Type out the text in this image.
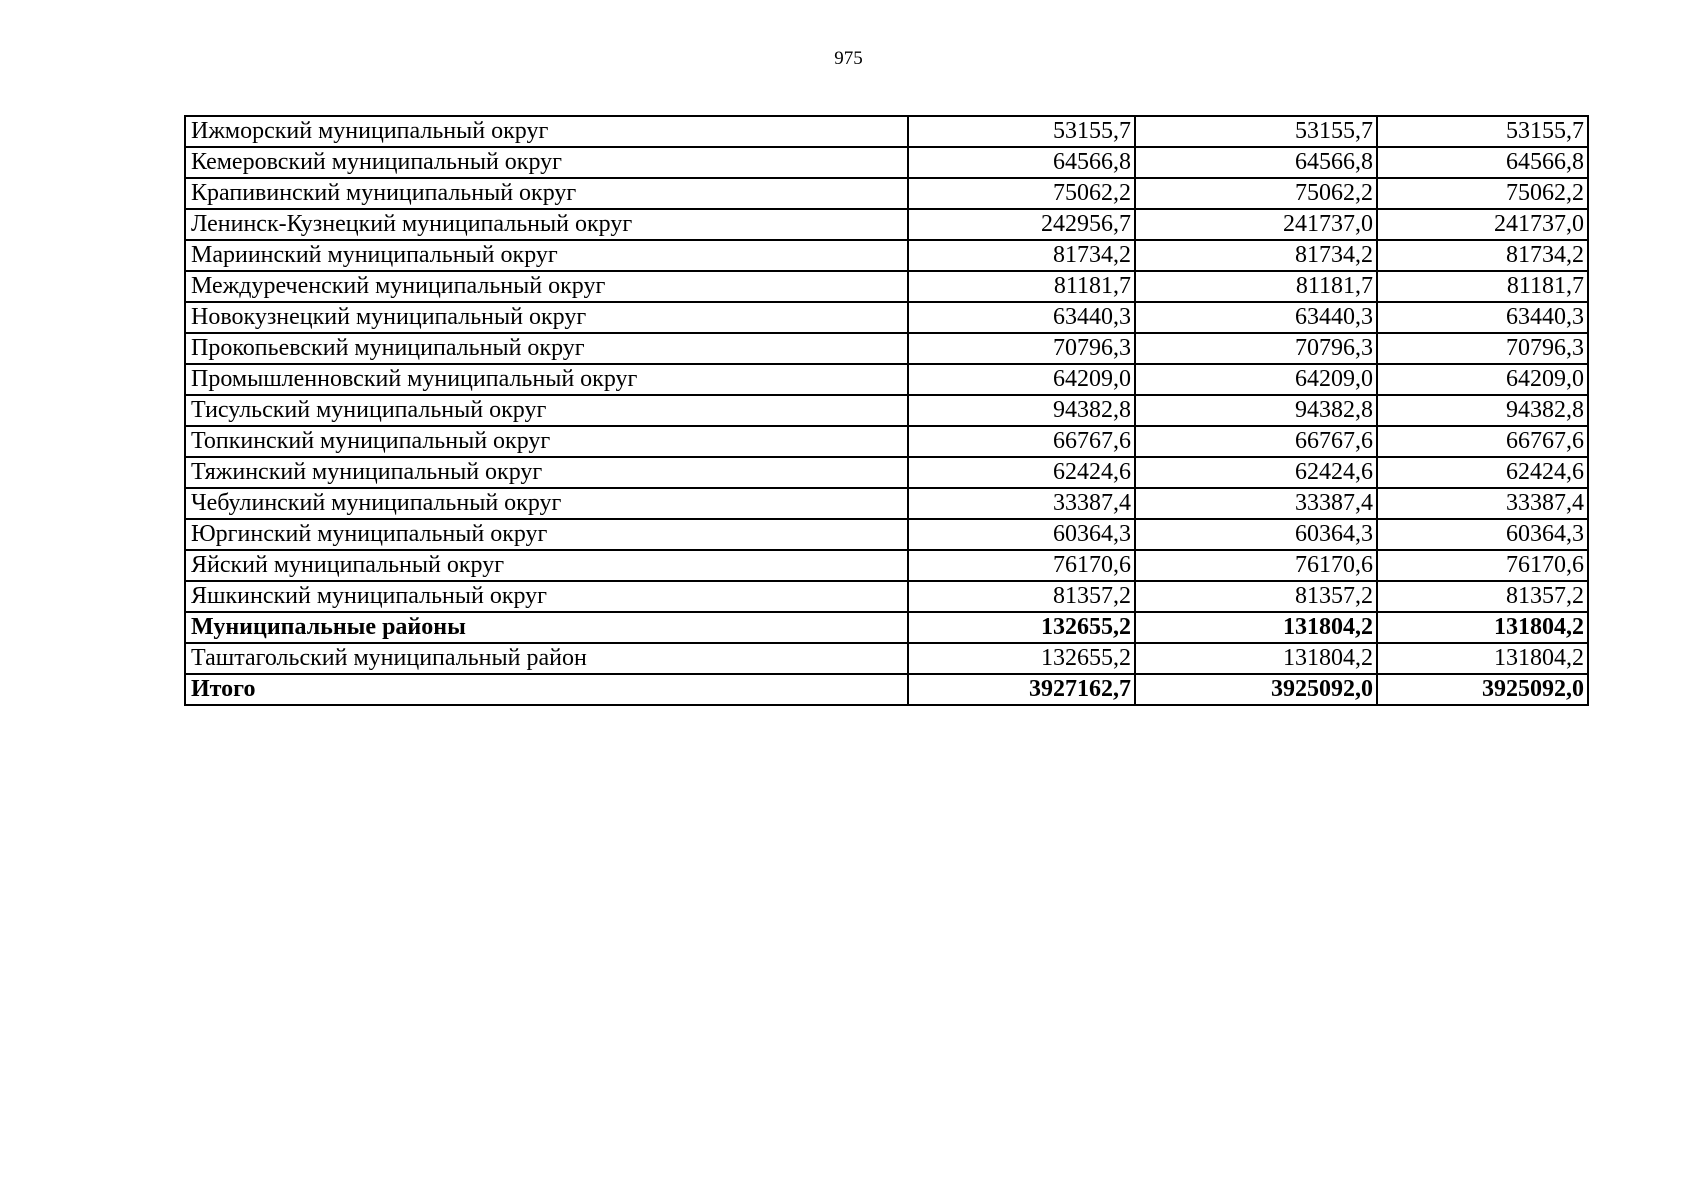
975
Ижморский муниципальный округ	53155,7	53155,7	53155,7
Кемеровский муниципальный округ	64566,8	64566,8	64566,8
Крапивинский муниципальный округ	75062,2	75062,2	75062,2
Ленинск-Кузнецкий муниципальный округ	242956,7	241737,0	241737,0
Мариинский муниципальный округ	81734,2	81734,2	81734,2
Междуреченский муниципальный округ	81181,7	81181,7	81181,7
Новокузнецкий муниципальный округ	63440,3	63440,3	63440,3
Прокопьевский муниципальный округ	70796,3	70796,3	70796,3
Промышленновский муниципальный округ	64209,0	64209,0	64209,0
Тисульский муниципальный округ	94382,8	94382,8	94382,8
Топкинский муниципальный округ	66767,6	66767,6	66767,6
Тяжинский муниципальный округ	62424,6	62424,6	62424,6
Чебулинский муниципальный округ	33387,4	33387,4	33387,4
Юргинский муниципальный округ	60364,3	60364,3	60364,3
Яйский муниципальный округ	76170,6	76170,6	76170,6
Яшкинский муниципальный округ	81357,2	81357,2	81357,2
Муниципальные районы	132655,2	131804,2	131804,2
Таштагольский муниципальный район	132655,2	131804,2	131804,2
Итого	3927162,7	3925092,0	3925092,0
